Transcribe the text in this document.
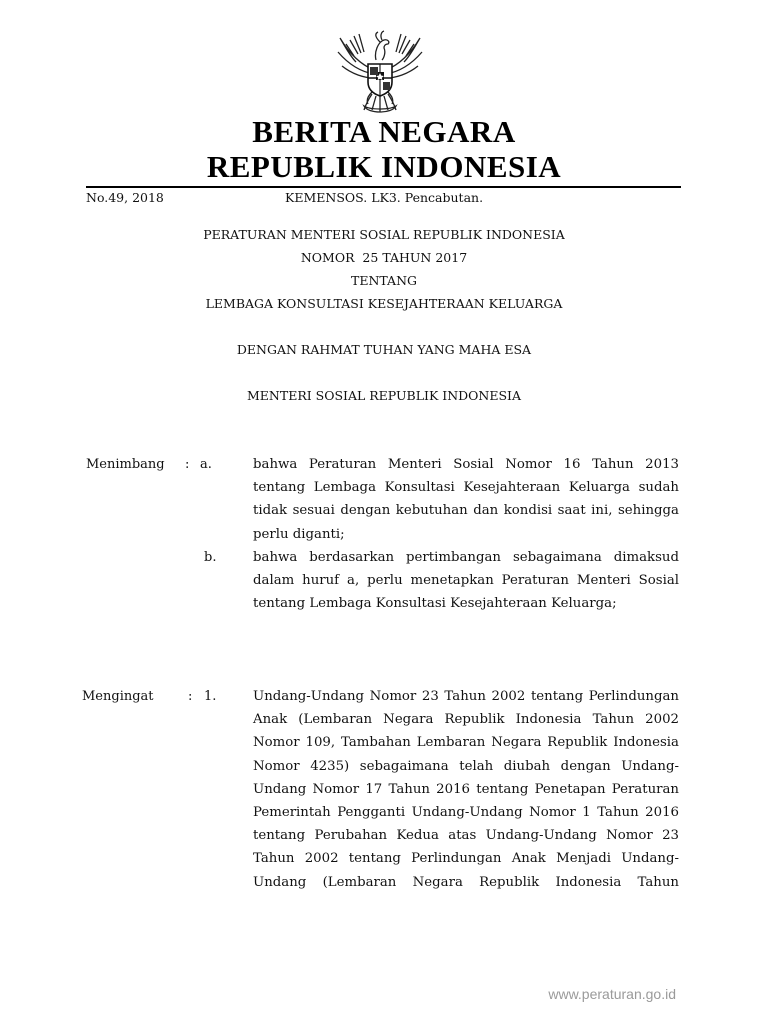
BERITA NEGARA
REPUBLIK INDONESIA
No.49, 2018	KEMENSOS. LK3. Pencabutan.
PERATURAN MENTERI SOSIAL REPUBLIK INDONESIA
NOMOR  25 TAHUN 2017
TENTANG
LEMBAGA KONSULTASI KESEJAHTERAAN KELUARGA
DENGAN RAHMAT TUHAN YANG MAHA ESA
MENTERI SOSIAL REPUBLIK INDONESIA
Menimbang : a.	bahwa Peraturan Menteri Sosial Nomor 16 Tahun 2013 tentang Lembaga Konsultasi Kesejahteraan Keluarga sudah tidak sesuai dengan kebutuhan dan kondisi saat ini, sehingga perlu diganti;
b.	bahwa berdasarkan pertimbangan sebagaimana dimaksud dalam huruf a, perlu menetapkan Peraturan Menteri Sosial tentang Lembaga Konsultasi Kesejahteraan Keluarga;
Mengingat	: 1.	Undang-Undang Nomor 23 Tahun 2002 tentang Perlindungan Anak (Lembaran Negara Republik Indonesia Tahun 2002 Nomor 109, Tambahan Lembaran Negara Republik Indonesia Nomor 4235) sebagaimana telah diubah dengan Undang-Undang Nomor 17 Tahun 2016 tentang Penetapan Peraturan Pemerintah Pengganti Undang-Undang Nomor 1 Tahun 2016 tentang Perubahan Kedua atas Undang-Undang Nomor 23 Tahun 2002 tentang Perlindungan Anak Menjadi Undang-Undang (Lembaran Negara Republik Indonesia Tahun
www.peraturan.go.id
